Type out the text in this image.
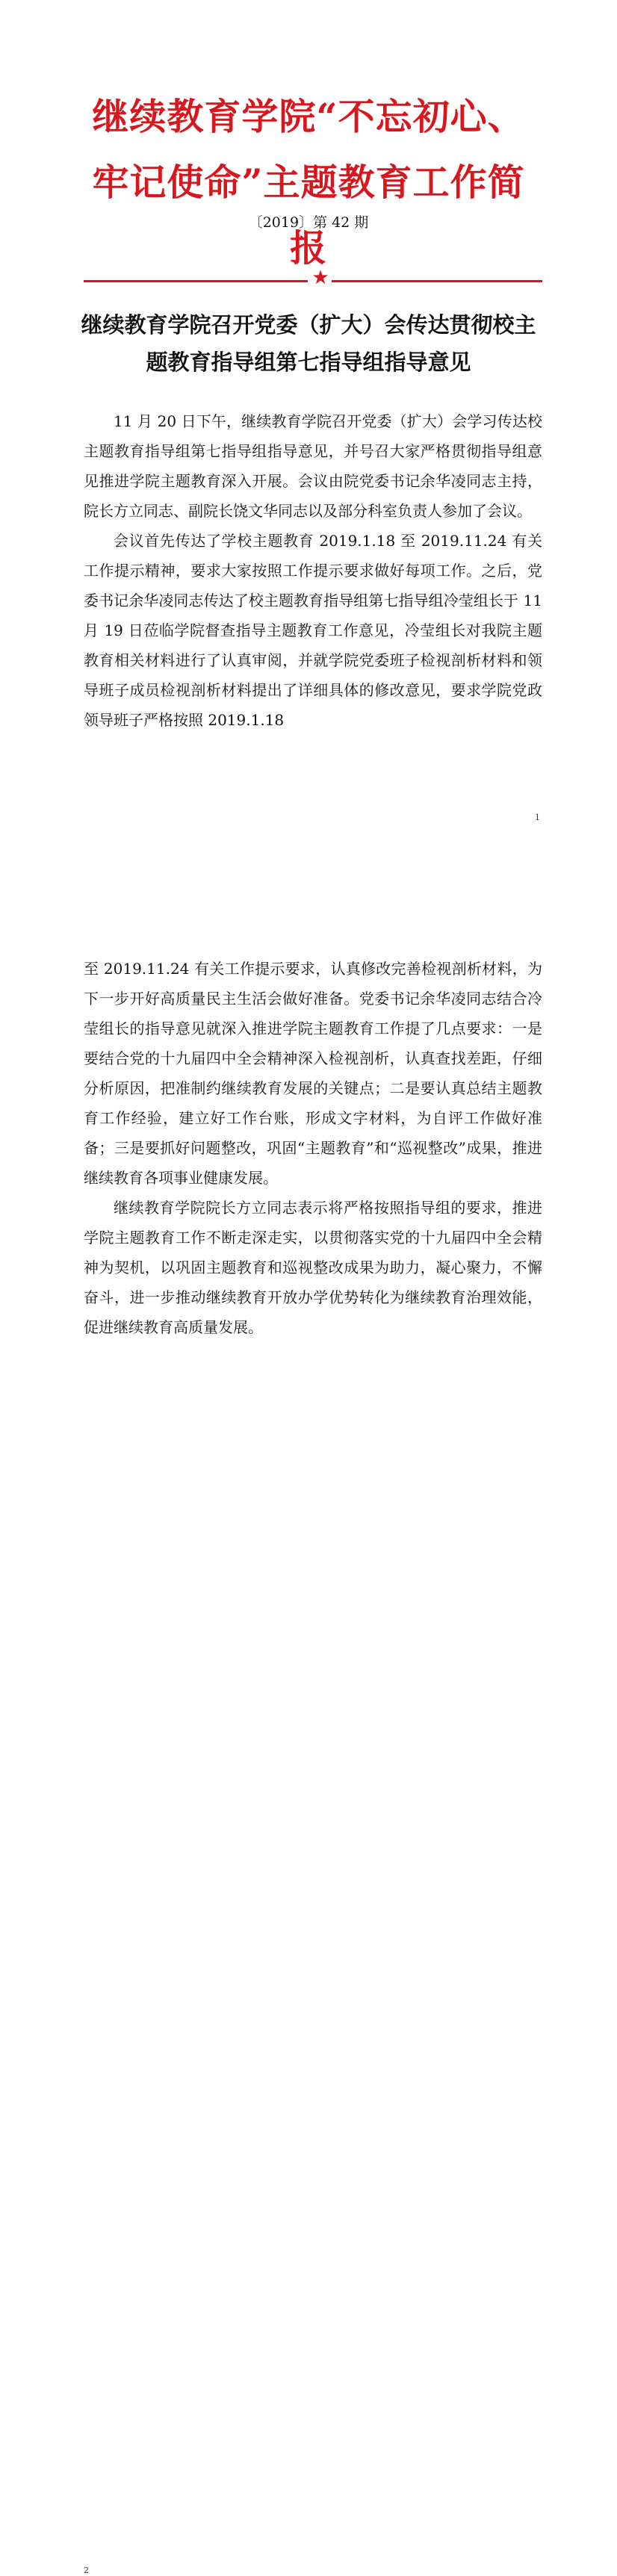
继续教育学院“不忘初心、牢记使命”主题教育工作简报
〔2019〕第 42 期
★
继续教育学院召开党委（扩大）会传达贯彻校主题教育指导组第七指导组指导意见

11 月 20 日下午，继续教育学院召开党委（扩大）会学习传达校主题教育指导组第七指导组指导意见，并号召大家严格贯彻指导组意见推进学院主题教育深入开展。会议由院党委书记余华凌同志主持，院长方立同志、副院长饶文华同志以及部分科室负责人参加了会议。

会议首先传达了学校主题教育 2019.1.18 至 2019.11.24 有关工作提示精神，要求大家按照工作提示要求做好每项工作。之后，党委书记余华凌同志传达了校主题教育指导组第七指导组冷莹组长于 11 月 19 日莅临学院督查指导主题教育工作意见，冷莹组长对我院主题教育相关材料进行了认真审阅，并就学院党委班子检视剖析材料和领导班子成员检视剖析材料提出了详细具体的修改意见，要求学院党政领导班子严格按照 2019.1.18

1

至 2019.11.24 有关工作提示要求，认真修改完善检视剖析材料，为下一步开好高质量民主生活会做好准备。党委书记余华凌同志结合冷莹组长的指导意见就深入推进学院主题教育工作提了几点要求：一是要结合党的十九届四中全会精神深入检视剖析，认真查找差距，仔细分析原因，把准制约继续教育发展的关键点；二是要认真总结主题教育工作经验，建立好工作台账，形成文字材料，为自评工作做好准备；三是要抓好问题整改，巩固“主题教育”和“巡视整改”成果，推进继续教育各项事业健康发展。

继续教育学院院长方立同志表示将严格按照指导组的要求，推进学院主题教育工作不断走深走实，以贯彻落实党的十九届四中全会精神为契机，以巩固主题教育和巡视整改成果为助力，凝心聚力，不懈奋斗，进一步推动继续教育开放办学优势转化为继续教育治理效能，促进继续教育高质量发展。

2
